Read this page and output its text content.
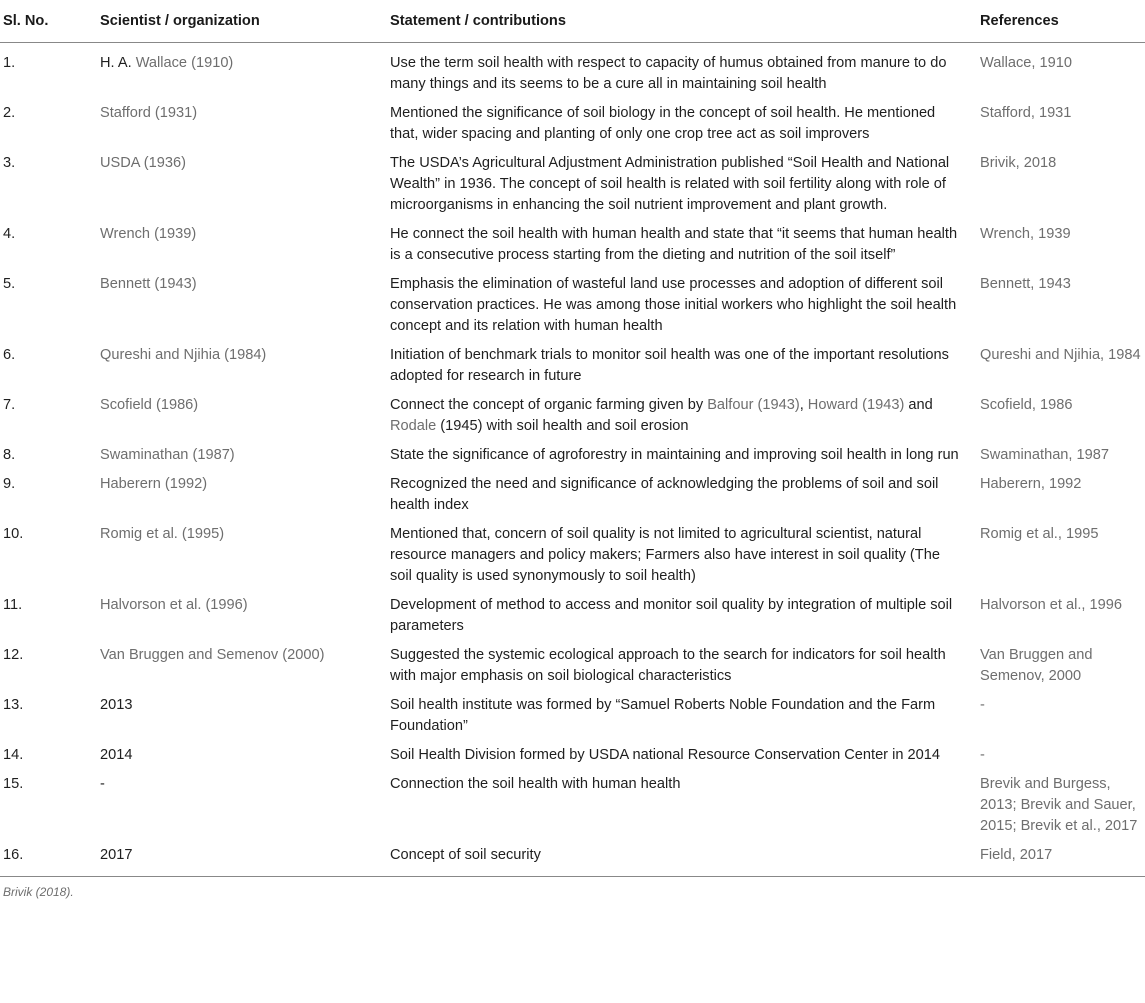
Sl. No.	Scientist / organization	Statement / contributions	References
1.	H. A. Wallace (1910)	Use the term soil health with respect to capacity of humus obtained from manure to do many things and its seems to be a cure all in maintaining soil health	Wallace, 1910
2.	Stafford (1931)	Mentioned the significance of soil biology in the concept of soil health. He mentioned that, wider spacing and planting of only one crop tree act as soil improvers	Stafford, 1931
3.	USDA (1936)	The USDA’s Agricultural Adjustment Administration published “Soil Health and National Wealth” in 1936. The concept of soil health is related with soil fertility along with role of microorganisms in enhancing the soil nutrient improvement and plant growth.	Brivik, 2018
4.	Wrench (1939)	He connect the soil health with human health and state that “it seems that human health is a consecutive process starting from the dieting and nutrition of the soil itself”	Wrench, 1939
5.	Bennett (1943)	Emphasis the elimination of wasteful land use processes and adoption of different soil conservation practices. He was among those initial workers who highlight the soil health concept and its relation with human health	Bennett, 1943
6.	Qureshi and Njihia (1984)	Initiation of benchmark trials to monitor soil health was one of the important resolutions adopted for research in future	Qureshi and Njihia, 1984
7.	Scofield (1986)	Connect the concept of organic farming given by Balfour (1943), Howard (1943) and Rodale (1945) with soil health and soil erosion	Scofield, 1986
8.	Swaminathan (1987)	State the significance of agroforestry in maintaining and improving soil health in long run	Swaminathan, 1987
9.	Haberern (1992)	Recognized the need and significance of acknowledging the problems of soil and soil health index	Haberern, 1992
10.	Romig et al. (1995)	Mentioned that, concern of soil quality is not limited to agricultural scientist, natural resource managers and policy makers; Farmers also have interest in soil quality (The soil quality is used synonymously to soil health)	Romig et al., 1995
11.	Halvorson et al. (1996)	Development of method to access and monitor soil quality by integration of multiple soil parameters	Halvorson et al., 1996
12.	Van Bruggen and Semenov (2000)	Suggested the systemic ecological approach to the search for indicators for soil health with major emphasis on soil biological characteristics	Van Bruggen and Semenov, 2000
13.	2013	Soil health institute was formed by “Samuel Roberts Noble Foundation and the Farm Foundation”	-
14.	2014	Soil Health Division formed by USDA national Resource Conservation Center in 2014	-
15.	-	Connection the soil health with human health	Brevik and Burgess, 2013; Brevik and Sauer, 2015; Brevik et al., 2017
16.	2017	Concept of soil security	Field, 2017
Brivik (2018).
